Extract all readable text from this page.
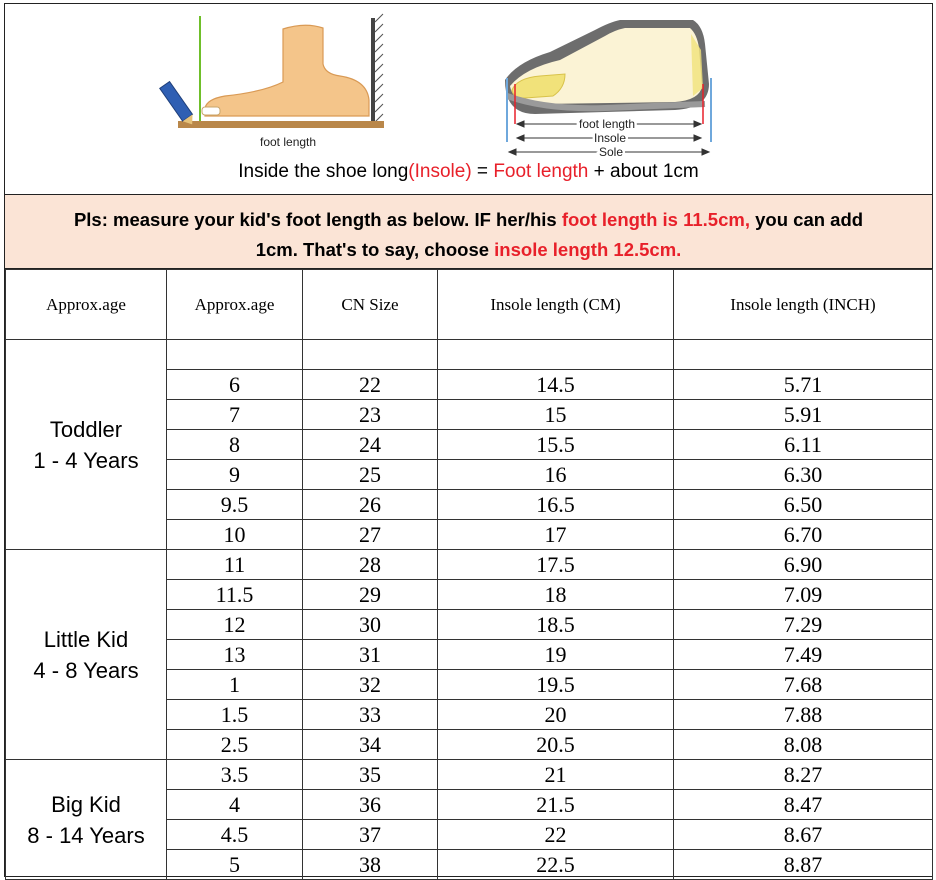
foot length
foot length
Insole
Sole
Inside the shoe long(Insole) = Foot length + about 1cm
Pls: measure your kid's foot length as below. IF her/his foot length is 11.5cm, you can add
1cm. That's to say, choose insole length 12.5cm.
Approx.age	Approx.age	CN Size	Insole length (CM)	Insole length (INCH)
Toddler
1 - 4 Years				
	6	22	14.5	5.71
	7	23	15	5.91
	8	24	15.5	6.11
	9	25	16	6.30
	9.5	26	16.5	6.50
	10	27	17	6.70
Little Kid
4 - 8 Years	11	28	17.5	6.90
	11.5	29	18	7.09
	12	30	18.5	7.29
	13	31	19	7.49
	1	32	19.5	7.68
	1.5	33	20	7.88
	2.5	34	20.5	8.08
Big Kid
8 - 14 Years	3.5	35	21	8.27
	4	36	21.5	8.47
	4.5	37	22	8.67
	5	38	22.5	8.87
